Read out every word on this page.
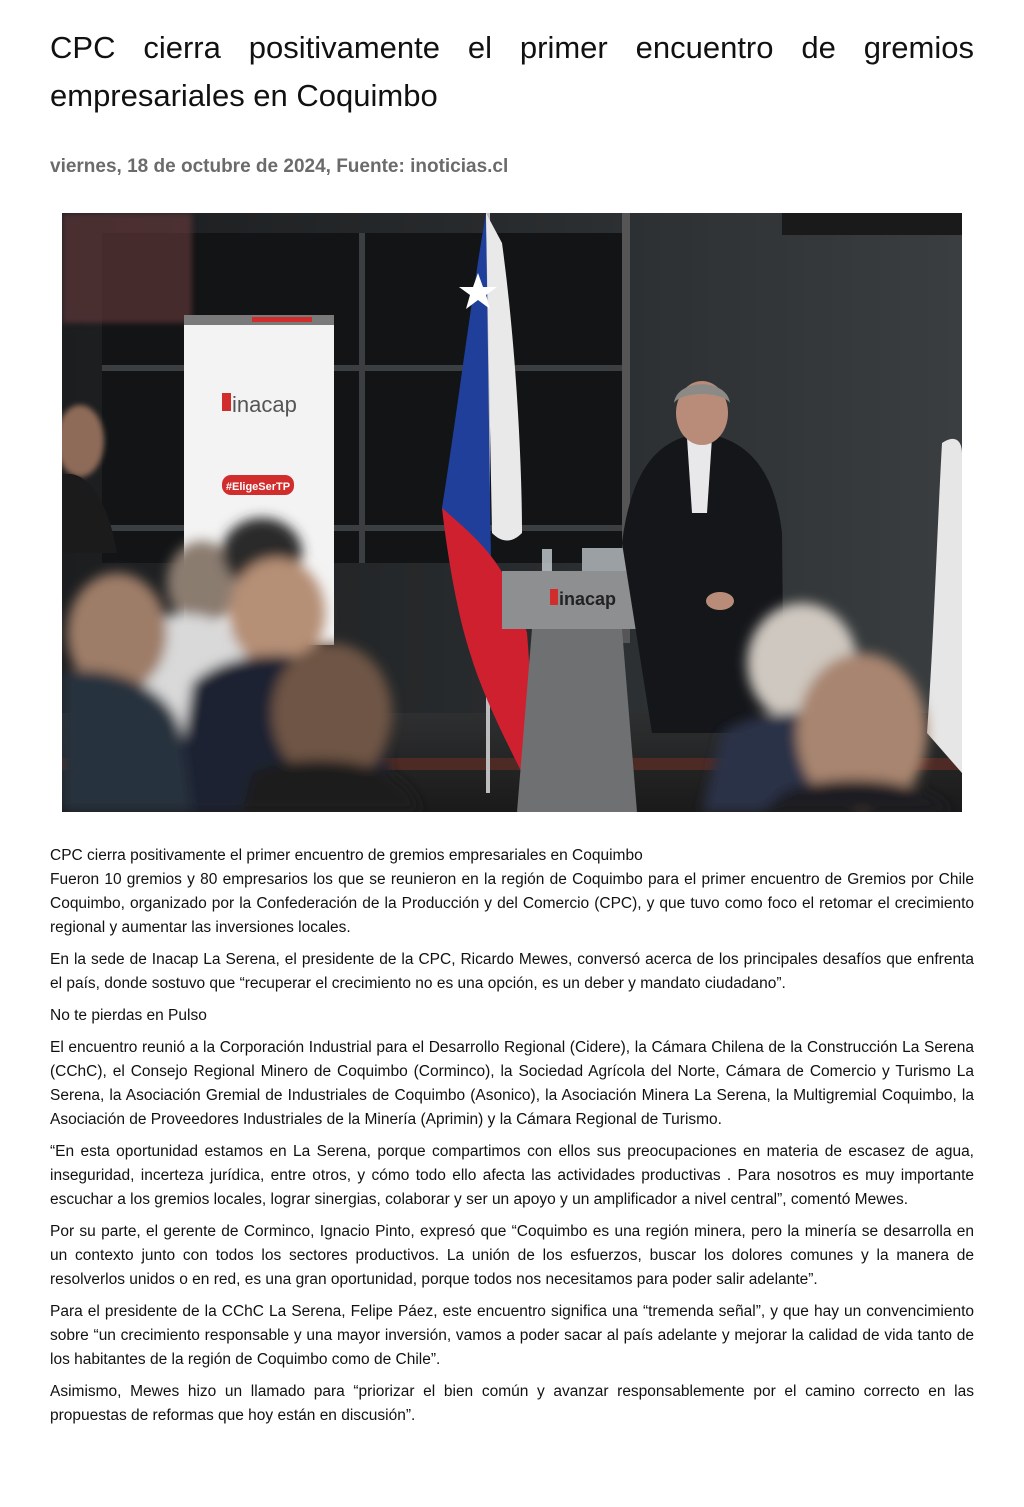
CPC cierra positivamente el primer encuentro de gremios empresariales en Coquimbo
viernes, 18 de octubre de 2024, Fuente: inoticias.cl
inacap
#EligeSerTP
inacap
CPC cierra positivamente el primer encuentro de gremios empresariales en Coquimbo

Fueron 10 gremios y 80 empresarios los que se reunieron en la región de Coquimbo para el primer encuentro de Gremios por Chile Coquimbo, organizado por la Confederación de la Producción y del Comercio (CPC), y que tuvo como foco el retomar el crecimiento regional y aumentar las inversiones locales.

En la sede de Inacap La Serena, el presidente de la CPC, Ricardo Mewes, conversó acerca de los principales desafíos que enfrenta el país, donde sostuvo que “recuperar el crecimiento no es una opción, es un deber y mandato ciudadano”.

No te pierdas en Pulso

El encuentro reunió a la Corporación Industrial para el Desarrollo Regional (Cidere), la Cámara Chilena de la Construcción La Serena (CChC), el Consejo Regional Minero de Coquimbo (Corminco), la Sociedad Agrícola del Norte, Cámara de Comercio y Turismo La Serena, la Asociación Gremial de Industriales de Coquimbo (Asonico), la Asociación Minera La Serena, la Multigremial Coquimbo, la Asociación de Proveedores Industriales de la Minería (Aprimin) y la Cámara Regional de Turismo.

“En esta oportunidad estamos en La Serena, porque compartimos con ellos sus preocupaciones en materia de escasez de agua, inseguridad, incerteza jurídica, entre otros, y cómo todo ello afecta las actividades productivas . Para nosotros es muy importante escuchar a los gremios locales, lograr sinergias, colaborar y ser un apoyo y un amplificador a nivel central”, comentó Mewes.

Por su parte, el gerente de Corminco, Ignacio Pinto, expresó que “Coquimbo es una región minera, pero la minería se desarrolla en un contexto junto con todos los sectores productivos. La unión de los esfuerzos, buscar los dolores comunes y la manera de resolverlos unidos o en red, es una gran oportunidad, porque todos nos necesitamos para poder salir adelante”.

Para el presidente de la CChC La Serena, Felipe Páez, este encuentro significa una “tremenda señal”, y que hay un convencimiento sobre “un crecimiento responsable y una mayor inversión, vamos a poder sacar al país adelante y mejorar la calidad de vida tanto de los habitantes de la región de Coquimbo como de Chile”.

Asimismo, Mewes hizo un llamado para “priorizar el bien común y avanzar responsablemente por el camino correcto en las propuestas de reformas que hoy están en discusión”.
